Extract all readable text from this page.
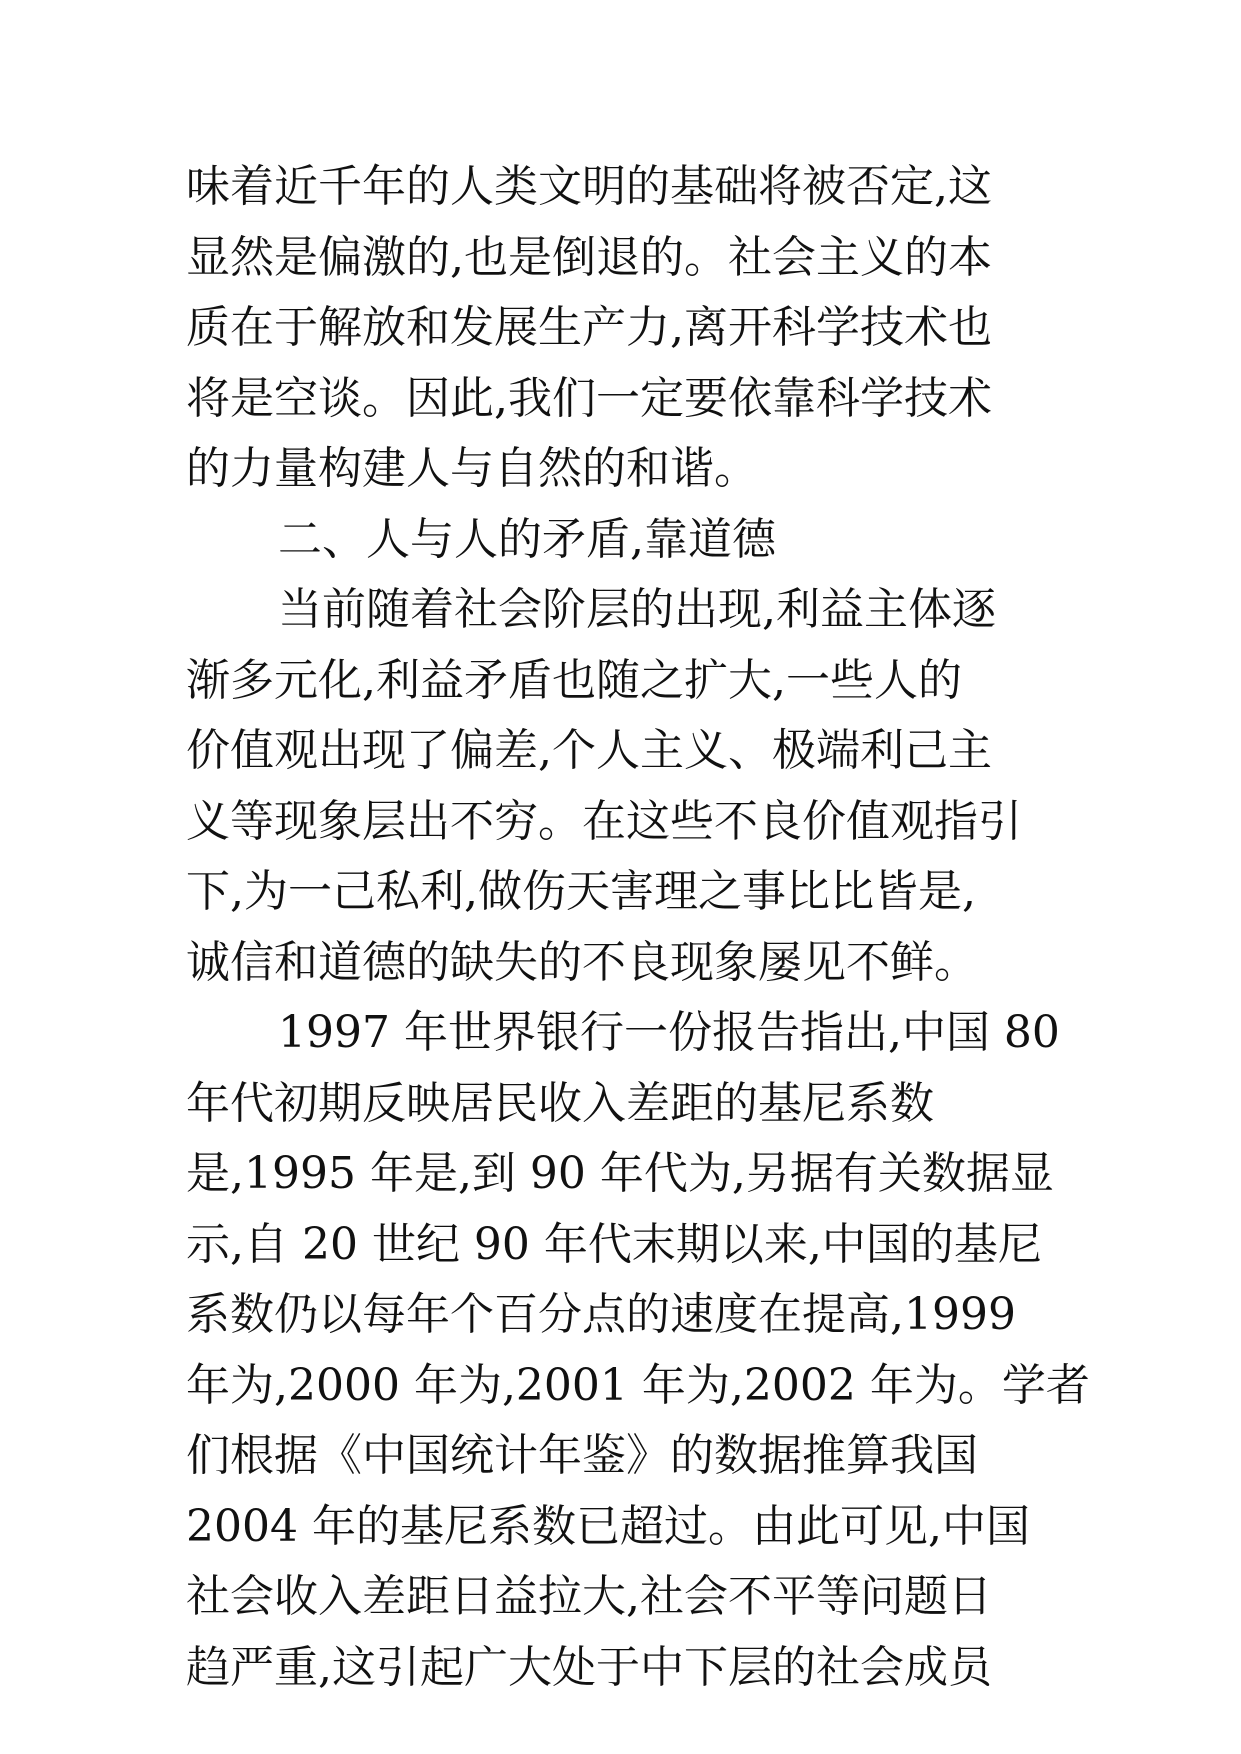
味着近千年的人类文明的基础将被否定,这
显然是偏激的,也是倒退的。社会主义的本
质在于解放和发展生产力,离开科学技术也
将是空谈。因此,我们一定要依靠科学技术
的力量构建人与自然的和谐。
二、人与人的矛盾,靠道德
当前随着社会阶层的出现,利益主体逐
渐多元化,利益矛盾也随之扩大,一些人的
价值观出现了偏差,个人主义、极端利己主
义等现象层出不穷。在这些不良价值观指引
下,为一己私利,做伤天害理之事比比皆是,
诚信和道德的缺失的不良现象屡见不鲜。
1997 年世界银行一份报告指出,中国 80
年代初期反映居民收入差距的基尼系数
是,1995 年是,到 90 年代为,另据有关数据显
示,自 20 世纪 90 年代末期以来,中国的基尼
系数仍以每年个百分点的速度在提高,1999
年为,2000 年为,2001 年为,2002 年为。学者
们根据《中国统计年鉴》的数据推算我国
2004 年的基尼系数已超过。由此可见,中国
社会收入差距日益拉大,社会不平等问题日
趋严重,这引起广大处于中下层的社会成员
